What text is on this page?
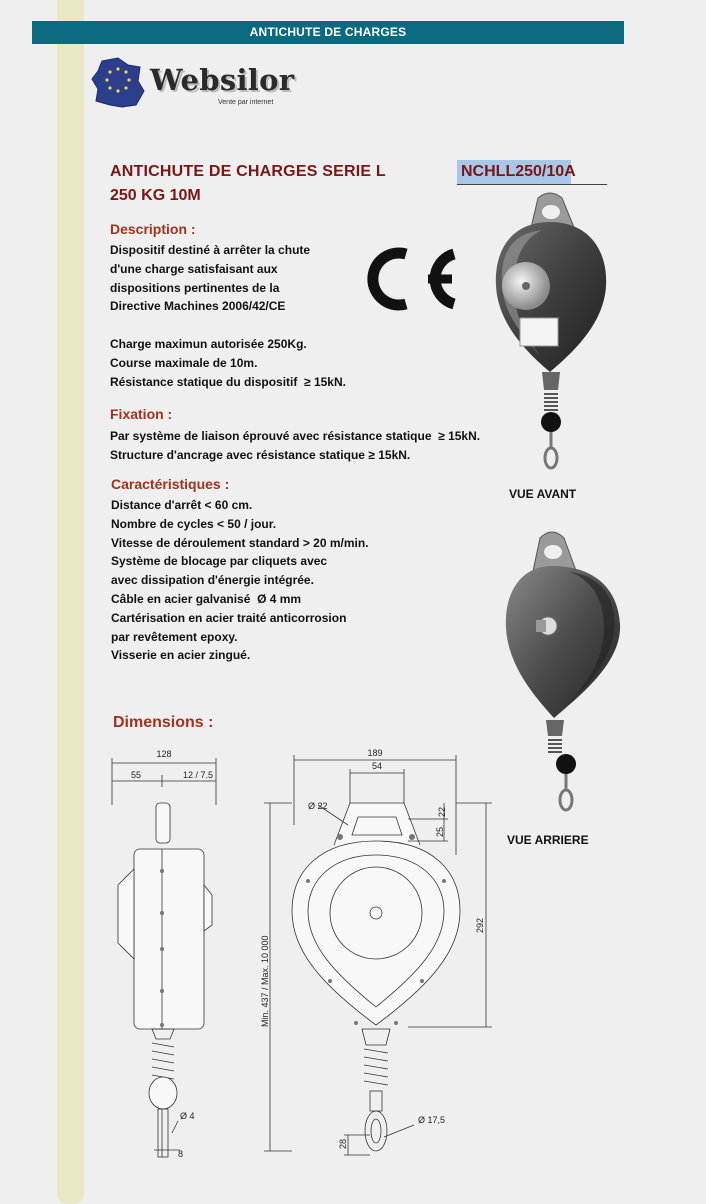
ANTICHUTE DE CHARGES
Websilor
Vente par internet
ANTICHUTE DE CHARGES SERIE L	NCHLL250/10A
250 KG 10M
Description :
Dispositif destiné à arrêter la chute
d'une charge satisfaisant aux
dispositions pertinentes de la
Directive Machines 2006/42/CE

Charge maximun autorisée 250Kg.
Course maximale de 10m.
Résistance statique du dispositif  ≥ 15kN.
Fixation :
Par système de liaison éprouvé avec résistance statique  ≥ 15kN.
Structure d'ancrage avec résistance statique ≥ 15kN.
Caractéristiques :
Distance d'arrêt < 60 cm.
Nombre de cycles < 50 / jour.
Vitesse de déroulement standard > 20 m/min.
Système de blocage par cliquets avec
avec dissipation d'énergie intégrée.
Câble en acier galvanisé  Ø 4 mm
Cartérisation en acier traité anticorrosion
par revêtement epoxy.
Visserie en acier zingué.
VUE AVANT
VUE ARRIERE
Dimensions :
128
55	12 / 7.5
Ø 4
8
189
54
Ø 22
22
25
292
Min. 437 / Max. 10 000
Ø 17,5
28
